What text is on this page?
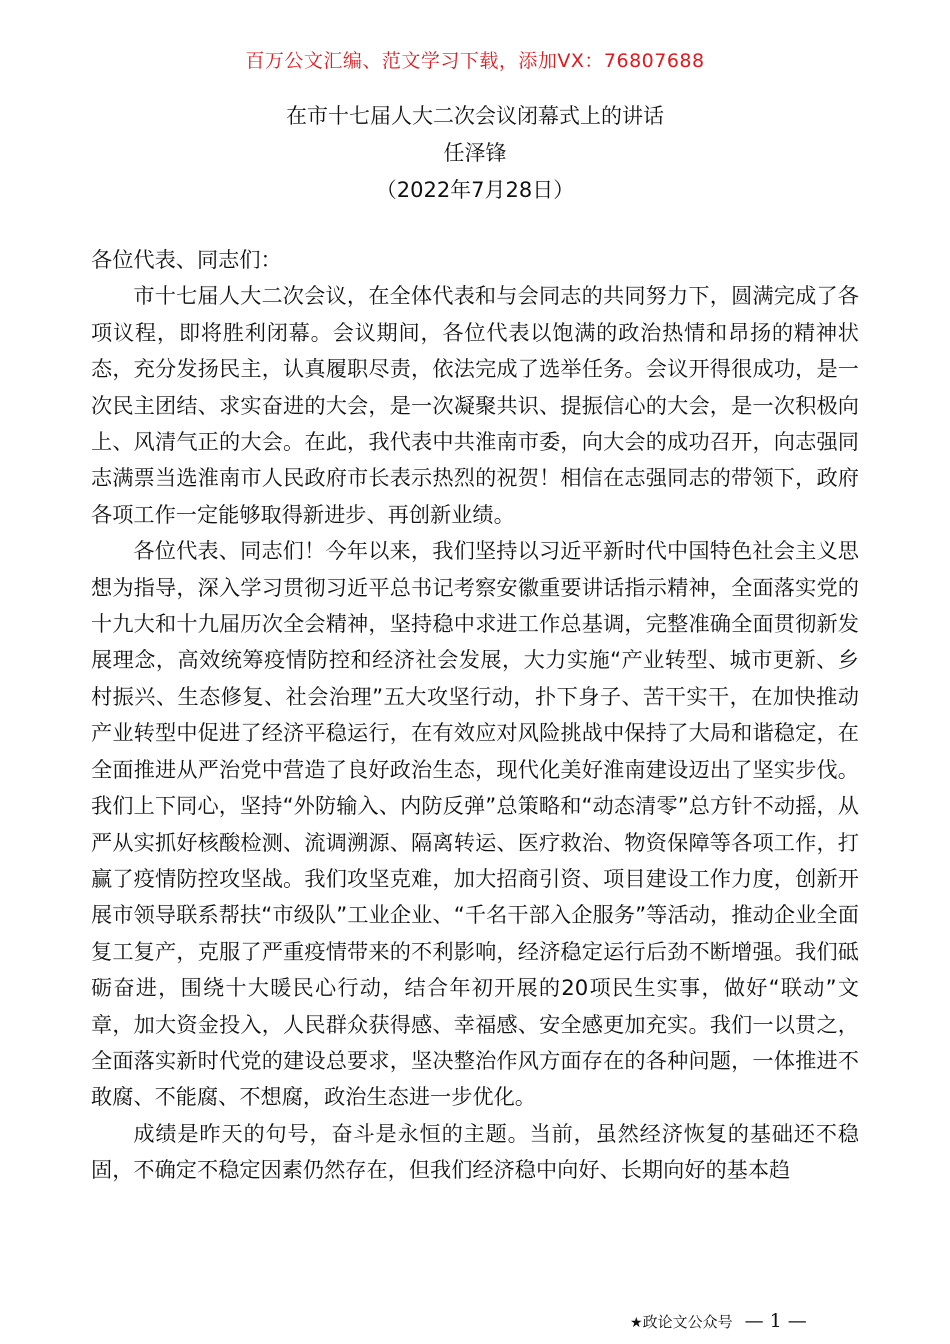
百万公文汇编、范文学习下载，添加VX：76807688
在市十七届人大二次会议闭幕式上的讲话
任泽锋
（2022年7月28日）

各位代表、同志们：

市十七届人大二次会议，在全体代表和与会同志的共同努力下，圆满完成了各项议程，即将胜利闭幕。会议期间，各位代表以饱满的政治热情和昂扬的精神状态，充分发扬民主，认真履职尽责，依法完成了选举任务。会议开得很成功，是一次民主团结、求实奋进的大会，是一次凝聚共识、提振信心的大会，是一次积极向上、风清气正的大会。在此，我代表中共淮南市委，向大会的成功召开，向志强同志满票当选淮南市人民政府市长表示热烈的祝贺！相信在志强同志的带领下，政府各项工作一定能够取得新进步、再创新业绩。

各位代表、同志们！今年以来，我们坚持以习近平新时代中国特色社会主义思想为指导，深入学习贯彻习近平总书记考察安徽重要讲话指示精神，全面落实党的十九大和十九届历次全会精神，坚持稳中求进工作总基调，完整准确全面贯彻新发展理念，高效统筹疫情防控和经济社会发展，大力实施“产业转型、城市更新、乡村振兴、生态修复、社会治理”五大攻坚行动，扑下身子、苦干实干，在加快推动产业转型中促进了经济平稳运行，在有效应对风险挑战中保持了大局和谐稳定，在全面推进从严治党中营造了良好政治生态，现代化美好淮南建设迈出了坚实步伐。我们上下同心，坚持“外防输入、内防反弹”总策略和“动态清零”总方针不动摇，从严从实抓好核酸检测、流调溯源、隔离转运、医疗救治、物资保障等各项工作，打赢了疫情防控攻坚战。我们攻坚克难，加大招商引资、项目建设工作力度，创新开展市领导联系帮扶“市级队”工业企业、“千名干部入企服务”等活动，推动企业全面复工复产，克服了严重疫情带来的不利影响，经济稳定运行后劲不断增强。我们砥砺奋进，围绕十大暖民心行动，结合年初开展的20项民生实事，做好“联动”文章，加大资金投入，人民群众获得感、幸福感、安全感更加充实。我们一以贯之，全面落实新时代党的建设总要求，坚决整治作风方面存在的各种问题，一体推进不敢腐、不能腐、不想腐，政治生态进一步优化。

成绩是昨天的句号，奋斗是永恒的主题。当前，虽然经济恢复的基础还不稳固，不确定不稳定因素仍然存在，但我们经济稳中向好、长期向好的基本趋

★政论文公众号 — 1 —
